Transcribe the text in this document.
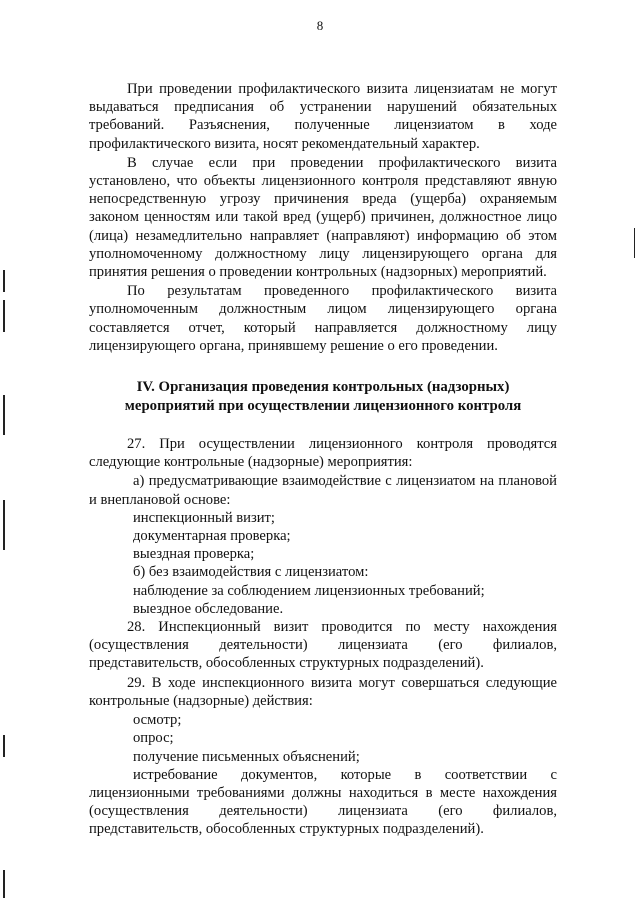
8

При проведении профилактического визита лицензиатам не могут выдаваться предписания об устранении нарушений обязательных требований. Разъяснения, полученные лицензиатом в ходе профилактического визита, носят рекомендательный характер.

В случае если при проведении профилактического визита установлено, что объекты лицензионного контроля представляют явную непосредственную угрозу причинения вреда (ущерба) охраняемым законом ценностям или такой вред (ущерб) причинен, должностное лицо (лица) незамедлительно направляет (направляют) информацию об этом уполномоченному должностному лицу лицензирующего органа для принятия решения о проведении контрольных (надзорных) мероприятий.

По результатам проведенного профилактического визита уполномоченным должностным лицом лицензирующего органа составляется отчет, который направляется должностному лицу лицензирующего органа, принявшему решение о его проведении.

IV. Организация проведения контрольных (надзорных)
мероприятий при осуществлении лицензионного контроля

27. При осуществлении лицензионного контроля проводятся следующие контрольные (надзорные) мероприятия:

а) предусматривающие взаимодействие с лицензиатом на плановой и внеплановой основе:

инспекционный визит;

документарная проверка;

выездная проверка;

б) без взаимодействия с лицензиатом:

наблюдение за соблюдением лицензионных требований;

выездное обследование.

28. Инспекционный визит проводится по месту нахождения (осуществления деятельности) лицензиата (его филиалов, представительств, обособленных структурных подразделений).

29. В ходе инспекционного визита могут совершаться следующие контрольные (надзорные) действия:

осмотр;

опрос;

получение письменных объяснений;

истребование документов, которые в соответствии с лицензионными требованиями должны находиться в месте нахождения (осуществления деятельности) лицензиата (его филиалов, представительств, обособленных структурных подразделений).
